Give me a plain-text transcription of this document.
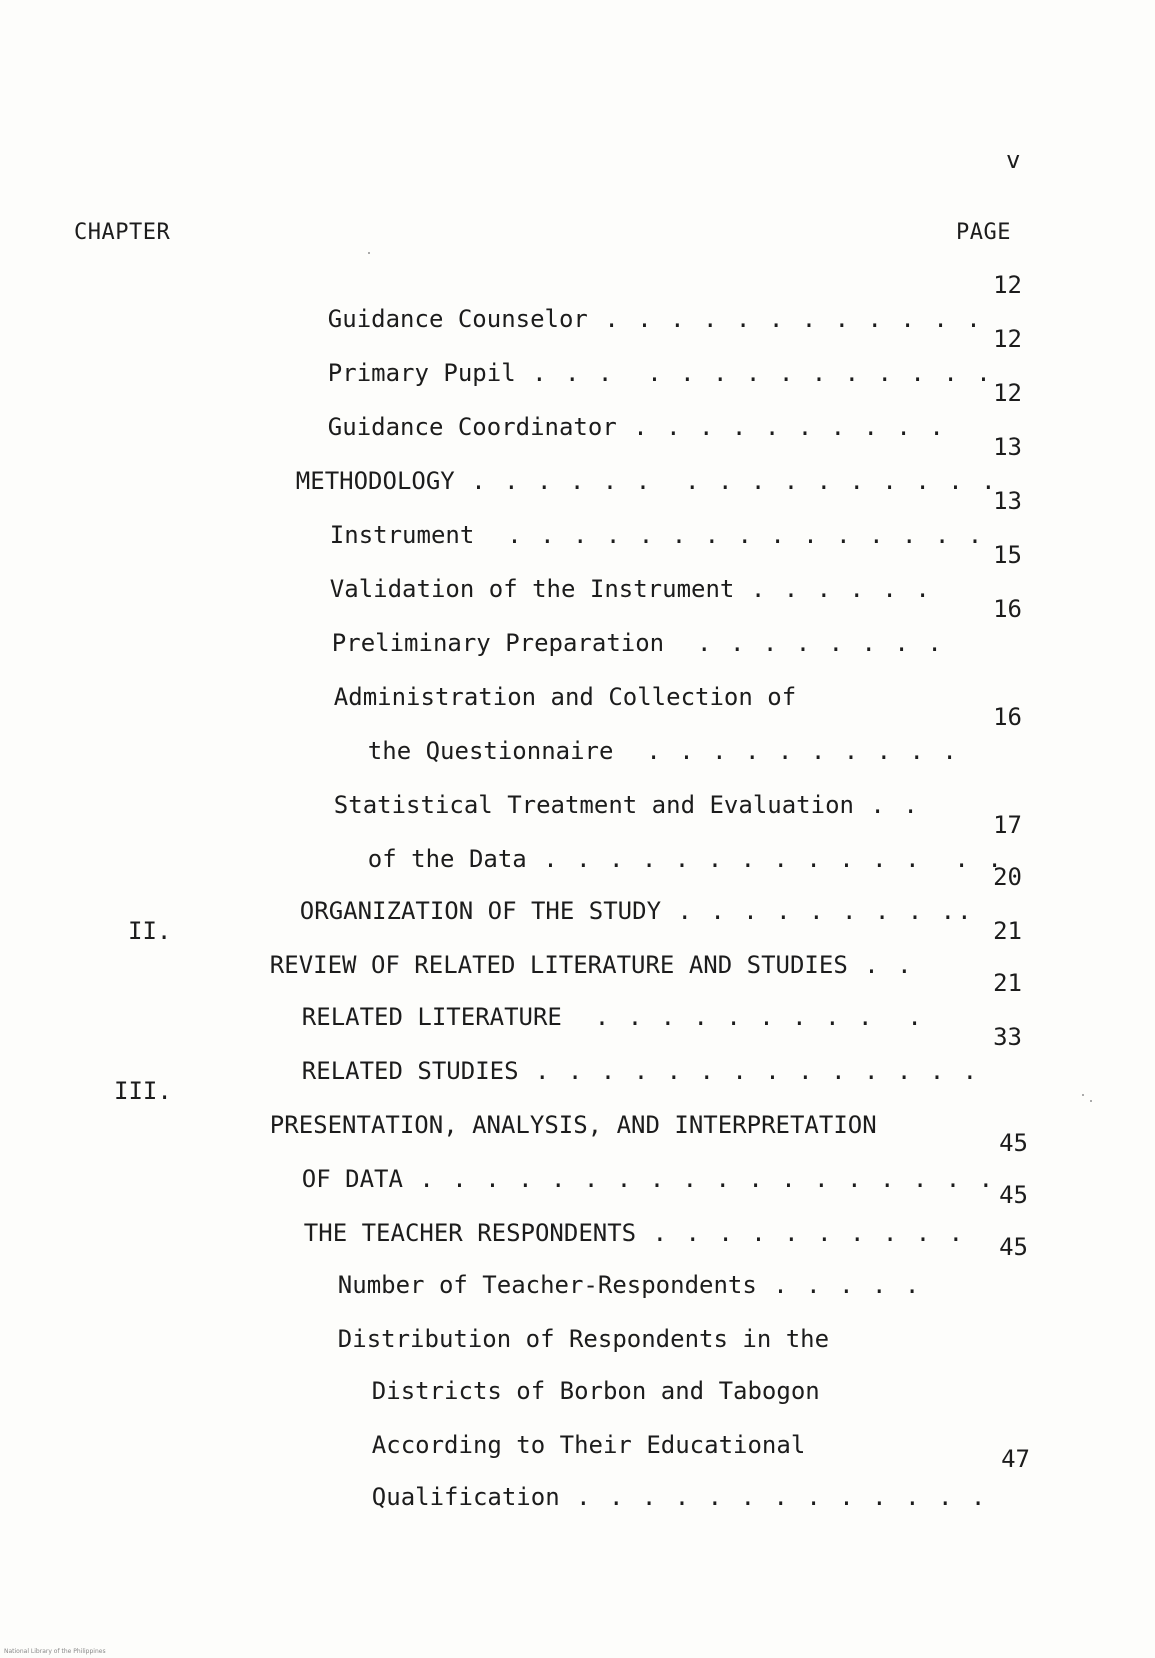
v
CHAPTER	PAGE

Guidance Counselor . . . . . . . . . . . .

12

Primary Pupil . . .  . . . . . . . . . . .

12

Guidance Coordinator . . . . . . . . . .

12

METHODOLOGY . . . . . .  . . . . . . . . . .

13

Instrument  . . . . . . . . . . . . . . .

13

Validation of the Instrument . . . . . .

15

Preliminary Preparation  . . . . . . . .

16

Administration and Collection of

the Questionnaire  . . . . . . . . . .

16

Statistical Treatment and Evaluation . .

of the Data . . . . . . . . . . . .  . .

17

ORGANIZATION OF THE STUDY . . . . . . . . ..

20
II.

REVIEW OF RELATED LITERATURE AND STUDIES . .

21

RELATED LITERATURE  . . . . . . . . .  .

21

RELATED STUDIES . . . . . . . . . . . . . .

33
III.

PRESENTATION, ANALYSIS, AND INTERPRETATION

OF DATA . . . . . . . . . . . . . . . . . .

45

THE TEACHER RESPONDENTS . . . . . . . . . .

45

Number of Teacher-Respondents . . . . .

45

Distribution of Respondents in the

Districts of Borbon and Tabogon

According to Their Educational

Qualification . . . . . . . . . . . . .

47
National Library of the Philippines
